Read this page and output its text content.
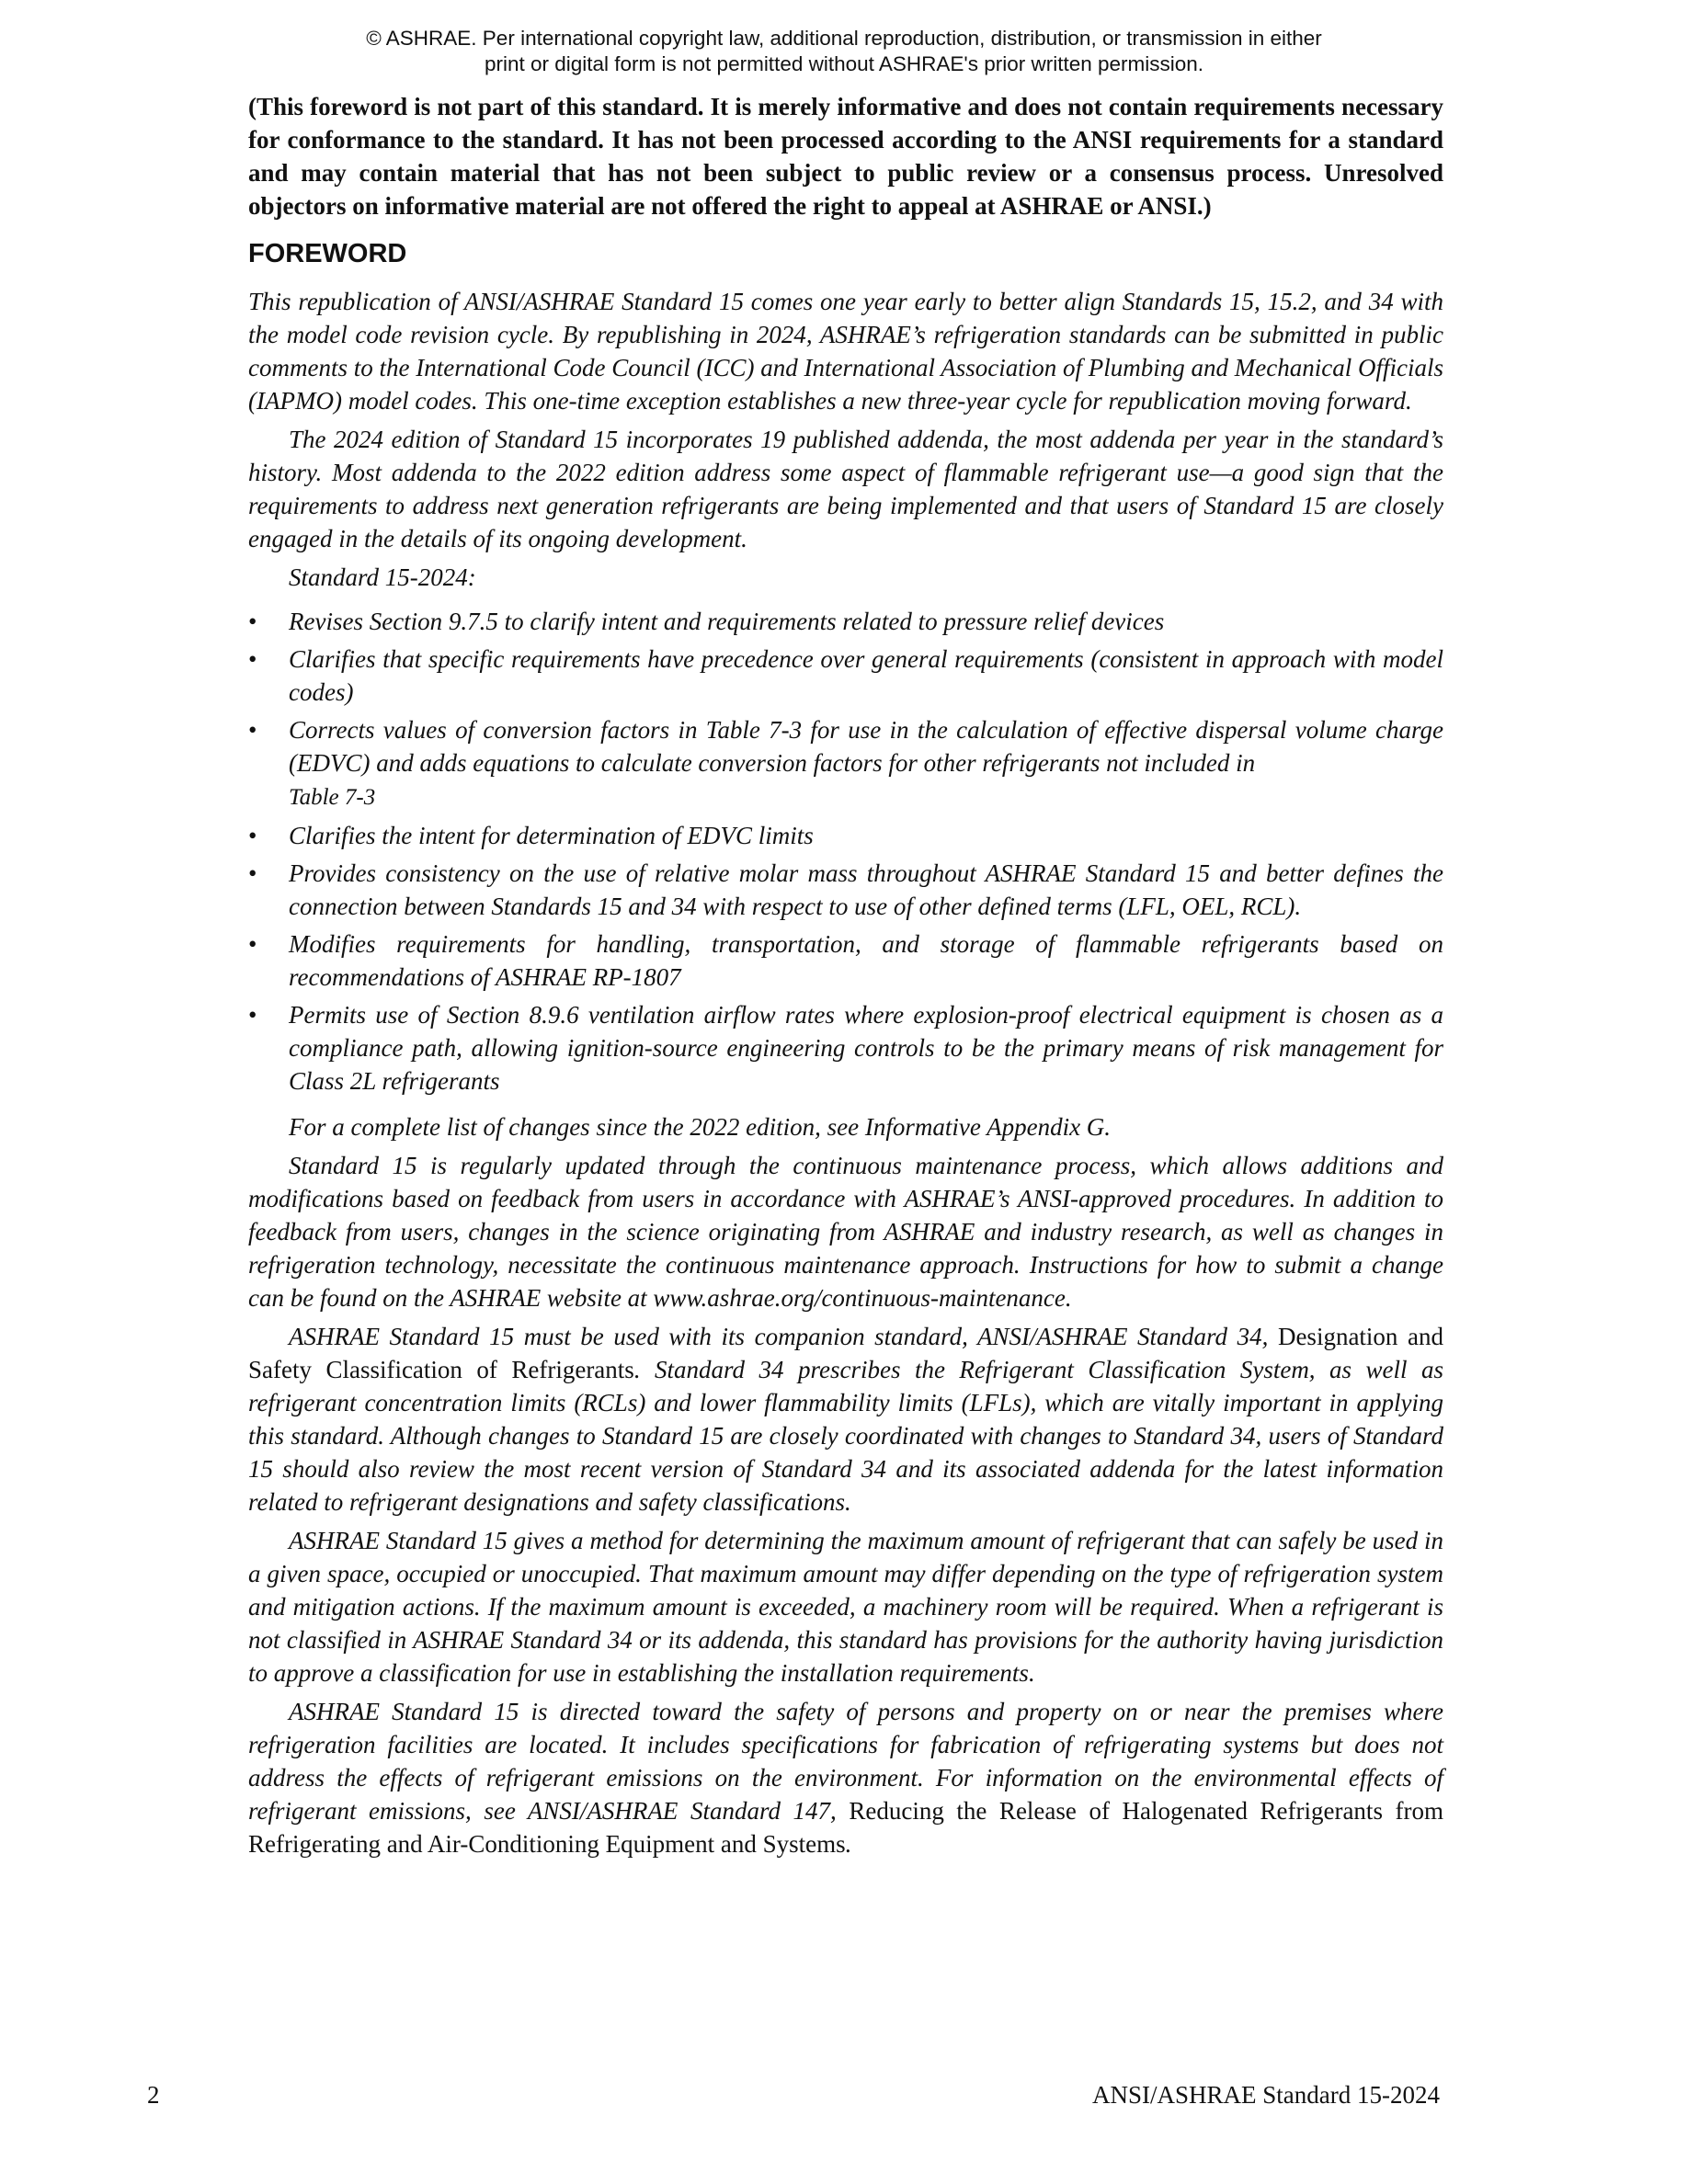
© ASHRAE. Per international copyright law, additional reproduction, distribution, or transmission in either
print or digital form is not permitted without ASHRAE's prior written permission.

(This foreword is not part of this standard. It is merely informative and does not contain requirements necessary for conformance to the standard. It has not been processed according to the ANSI requirements for a standard and may contain material that has not been subject to public review or a consensus process. Unresolved objectors on informative material are not offered the right to appeal at ASHRAE or ANSI.)

FOREWORD

This republication of ANSI/ASHRAE Standard 15 comes one year early to better align Standards 15, 15.2, and 34 with the model code revision cycle. By republishing in 2024, ASHRAE’s refrigeration standards can be submitted in public comments to the International Code Council (ICC) and International Association of Plumbing and Mechanical Officials (IAPMO) model codes. This one-time exception establishes a new three-year cycle for republication moving forward.

The 2024 edition of Standard 15 incorporates 19 published addenda, the most addenda per year in the standard’s history. Most addenda to the 2022 edition address some aspect of flammable refrigerant use—a good sign that the requirements to address next generation refrigerants are being implemented and that users of Standard 15 are closely engaged in the details of its ongoing development.

Standard 15-2024:

• Revises Section 9.7.5 to clarify intent and requirements related to pressure relief devices
• Clarifies that specific requirements have precedence over general requirements (consistent in approach with model codes)
• Corrects values of conversion factors in Table 7-3 for use in the calculation of effective dispersal volume charge (EDVC) and adds equations to calculate conversion factors for other refrigerants not included in
Table 7-3
• Clarifies the intent for determination of EDVC limits
• Provides consistency on the use of relative molar mass throughout ASHRAE Standard 15 and better defines the connection between Standards 15 and 34 with respect to use of other defined terms (LFL, OEL, RCL).
• Modifies requirements for handling, transportation, and storage of flammable refrigerants based on recommendations of ASHRAE RP-1807
• Permits use of Section 8.9.6 ventilation airflow rates where explosion-proof electrical equipment is chosen as a compliance path, allowing ignition-source engineering controls to be the primary means of risk management for Class 2L refrigerants

For a complete list of changes since the 2022 edition, see Informative Appendix G.

Standard 15 is regularly updated through the continuous maintenance process, which allows additions and modifications based on feedback from users in accordance with ASHRAE’s ANSI-approved procedures. In addition to feedback from users, changes in the science originating from ASHRAE and industry research, as well as changes in refrigeration technology, necessitate the continuous maintenance approach. Instructions for how to submit a change can be found on the ASHRAE website at www.ashrae.org/continuous-maintenance.

ASHRAE Standard 15 must be used with its companion standard, ANSI/ASHRAE Standard 34, Designation and Safety Classification of Refrigerants. Standard 34 prescribes the Refrigerant Classification System, as well as refrigerant concentration limits (RCLs) and lower flammability limits (LFLs), which are vitally important in applying this standard. Although changes to Standard 15 are closely coordinated with changes to Standard 34, users of Standard 15 should also review the most recent version of Standard 34 and its associated addenda for the latest information related to refrigerant designations and safety classifications.

ASHRAE Standard 15 gives a method for determining the maximum amount of refrigerant that can safely be used in a given space, occupied or unoccupied. That maximum amount may differ depending on the type of refrigeration system and mitigation actions. If the maximum amount is exceeded, a machinery room will be required. When a refrigerant is not classified in ASHRAE Standard 34 or its addenda, this standard has provisions for the authority having jurisdiction to approve a classification for use in establishing the installation requirements.

ASHRAE Standard 15 is directed toward the safety of persons and property on or near the premises where refrigeration facilities are located. It includes specifications for fabrication of refrigerating systems but does not address the effects of refrigerant emissions on the environment. For information on the environmental effects of refrigerant emissions, see ANSI/ASHRAE Standard 147, Reducing the Release of Halogenated Refrigerants from Refrigerating and Air-Conditioning Equipment and Systems.

2	ANSI/ASHRAE Standard 15-2024
